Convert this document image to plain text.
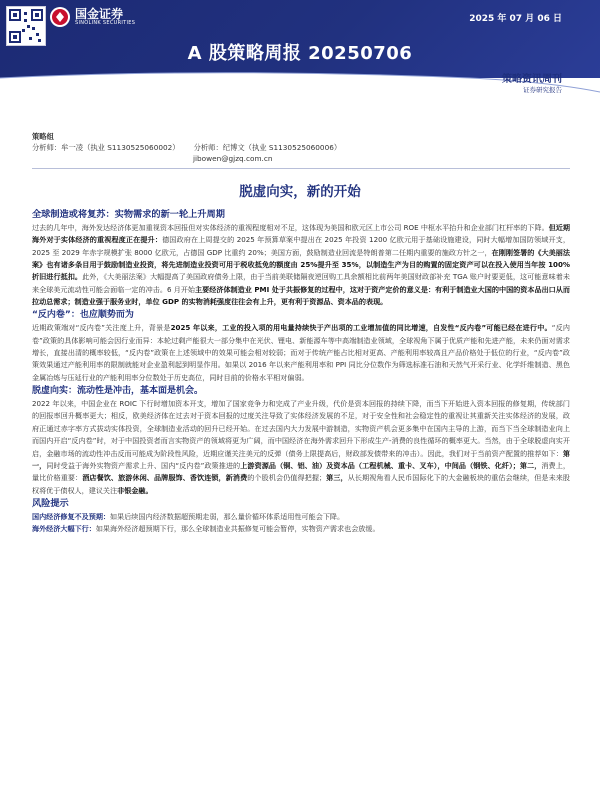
国金证券
SINOLINK SECURITIES	2025 年 07 月 06 日
A 股策略周报 20250706
策略资讯周刊
证券研究报告
策略组
分析师：牟一凌（执业 S1130525060002） 分析师：纪博文（执业 S1130525060006）
jibowen@gjzq.com.cn
脱虚向实，新的开始

全球制造或将复苏：实物需求的新一轮上升周期

过去的几年中，海外发达经济体更加重视资本回报但对实体经济的重视程度相对不足，这体现为美国和欧元区上市公司 ROE 中枢水平抬升和企业部门杠杆率的下降。但近期海外对于实体经济的重视程度正在提升：德国政府在上周提交的 2025 年预算草案中提出在 2025 年投资 1200 亿欧元用于基础设施建设，同时大幅增加国防领域开支，2025 至 2029 年赤字规模扩张 8000 亿欧元，占德国 GDP 比重约 20%；美国方面，鼓励制造业回流是特朗普第二任期内重要的施政方针之一，在刚刚签署的《大美丽法案》也有诸多条目用于鼓励制造业投资，将先进制造业投资可用于税收抵免的额度由 25%提升至 35%，以制造生产为目的购置的固定资产可以在投入使用当年按 100%折旧进行抵扣。此外，《大美丽法案》大幅提高了美国政府债务上限，由于当前美联储隔夜逆回购工具余额相比前两年美国财政部补充 TGA 账户时要更低，这可能意味着未来全球美元流动性可能会面临一定的冲击。6 月开始主要经济体制造业 PMI 处于共振修复的过程中，这对于资产定价的意义是：有利于制造业大国的中国的资本品出口从而拉动总需求；制造业强于服务业时，单位 GDP 的实物消耗强度往往会有上升，更有利于资源品、资本品的表现。

“反内卷”：也应顺势而为

近期政策端对“反内卷”关注度上升，背景是2025 年以来，工业的投入项的用电量持续快于产出项的工业增加值的同比增速，自发性“反内卷”可能已经在进行中。“反内卷”政策的具体影响可能会因行业而异：本轮过剩产能很大一部分集中在光伏、锂电、新能源车等中高端制造业领域，全球视角下属于优质产能和先进产能，未来仍面对需求增长，直接出清的概率较低，“反内卷”政策在上述领域中的效果可能会相对较弱；而对于传统产能占比相对更高、产能利用率较高且产品价格处于低位的行业，“反内卷”政策效果通过产能利用率的限制就能对企业盈利起到明显作用。如果以 2016 年以来产能利用率和 PPI 同比分位数作为筛选标准石油和天然气开采行业、化学纤维制造、黑色金属冶炼与压延行业的产能利用率分位数处于历史高位，同时目前的价格水平相对偏弱。

脱虚向实：流动性是冲击，基本面是机会。

2022 年以来，中国企业在 ROIC 下行时增加资本开支，增加了国家竞争力和完成了产业升级，代价是资本回报的持续下降，而当下开始进入资本回报的修复期，传统部门的回报率回升概率更大；相反，欧美经济体在过去对于资本回报的过度关注导致了实体经济发展的不足，对于安全性和社会稳定性的重视让其重新关注实体经济的发展，政府正通过赤字率方式拔动实体投资，全球制造业活动的回升已经开始。在过去国内大力发展中游制造，实物资产机会更多集中在国内主导的上游，而当下当全球制造业向上而国内开启“反内卷”时，对于中国投资者而言实物资产的领域将更为广阔，而中国经济在海外需求回升下形成生产-消费的良性循环的概率更大。当然，由于全球脱虚向实开启，金融市场的流动性冲击反而可能成为阶段性风险，近期应谨关注美元的反弹（债务上限提高后，财政部发债带来的冲击）。因此，我们对于当前资产配置的推荐如下：第一，同时受益于海外实物资产需求上升、国内“反内卷”政策推进的上游资源品（铜、铝、油）及资本品（工程机械、重卡、叉车），中间品（钢铁、化纤）；第二，消费上，量比价格重要：酒店餐饮、旅游休闲、品牌服饰、香饮连锁，新消费的个股机会仍值得把握；第三，从长期视角看人民币国际化下的大金融板块的重估会继续，但是未来股权将优于债权人，建议关注非银金融。

风险提示

国内经济修复不及预期：如果后续国内经济数据超预期走弱，那么量价循环体系适用性可能会下降。

海外经济大幅下行：如果海外经济超预期下行，那么全球制造业共振修复可能会暂停，实物资产需求也会放缓。
